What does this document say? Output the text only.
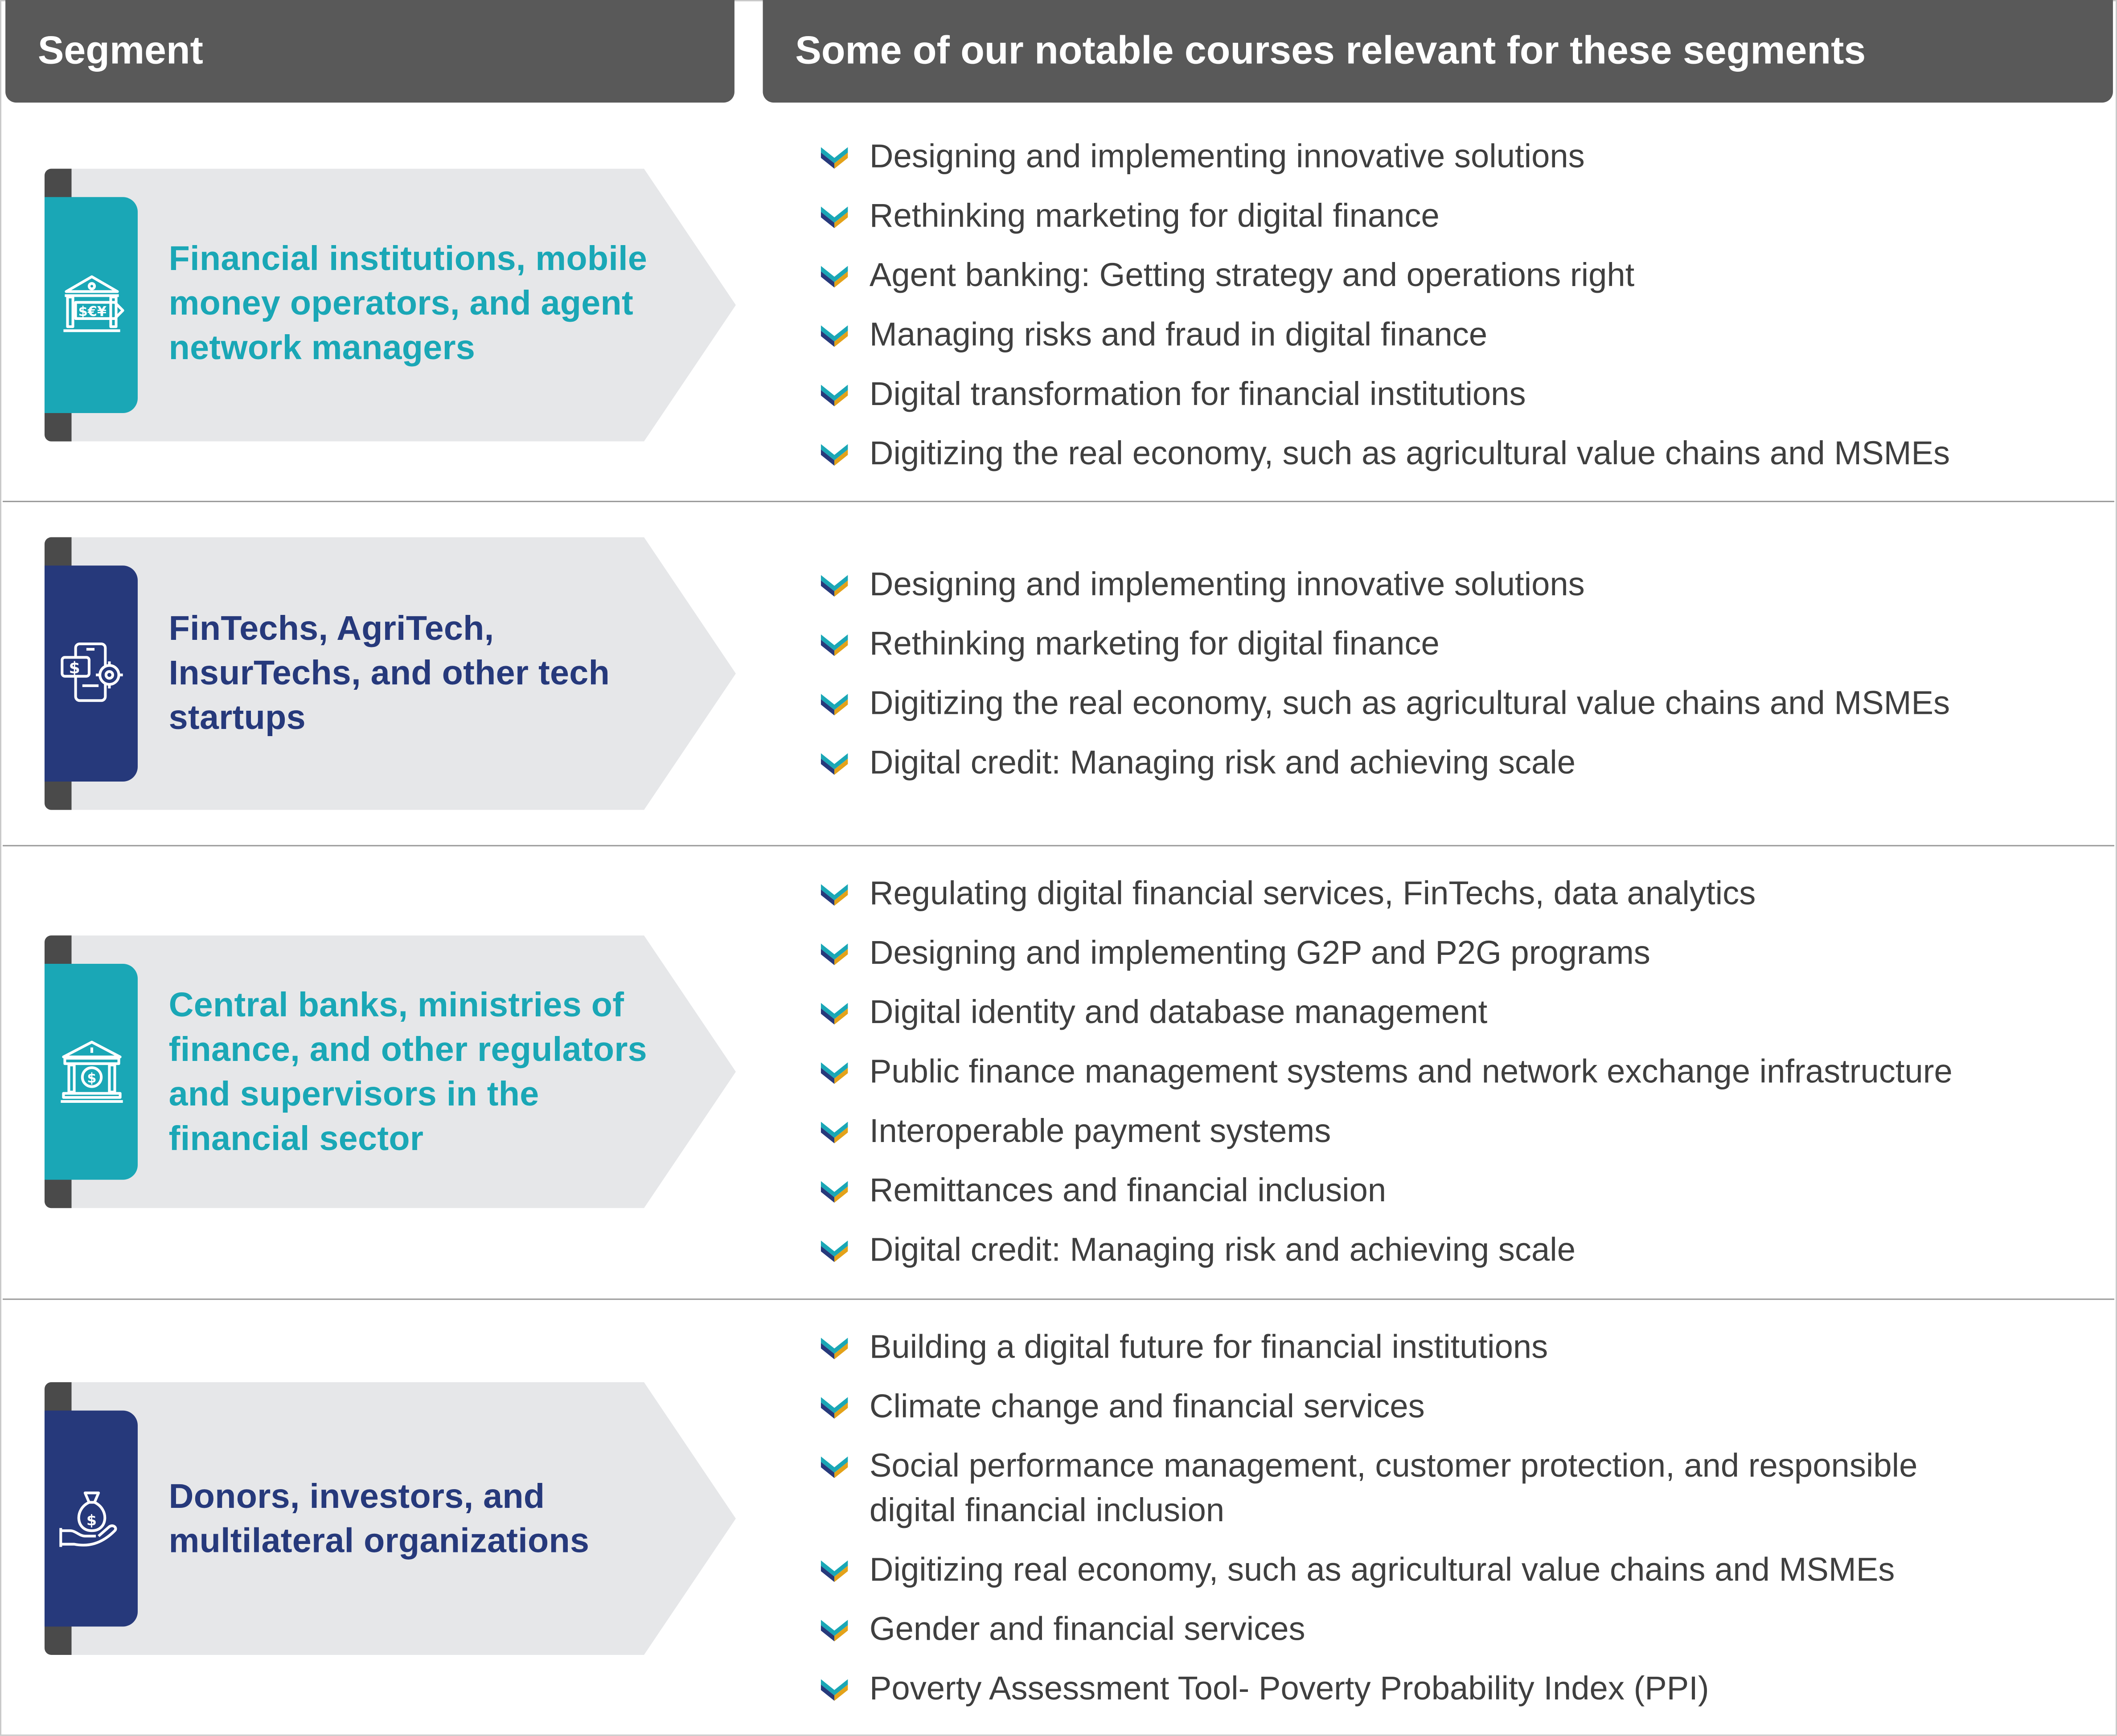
Segment	Some of our notable courses relevant for these segments
$€¥
Financial institutions, mobile money operators, and agent network managers
Designing and implementing innovative solutions
Rethinking marketing for digital finance
Agent banking: Getting strategy and operations right
Managing risks and fraud in digital finance
Digital transformation for financial institutions
Digitizing the real economy, such as agricultural value chains and MSMEs
$
FinTechs, AgriTech, InsurTechs, and other tech startups
Designing and implementing innovative solutions
Rethinking marketing for digital finance
Digitizing the real economy, such as agricultural value chains and MSMEs
Digital credit: Managing risk and achieving scale
$
Central banks, ministries of finance, and other regulators and supervisors in the financial sector
Regulating digital financial services, FinTechs, data analytics
Designing and implementing G2P and P2G programs
Digital identity and database management
Public finance management systems and network exchange infrastructure
Interoperable payment systems
Remittances and financial inclusion
Digital credit: Managing risk and achieving scale
$
Donors, investors, and multilateral organizations
Building a digital future for financial institutions
Climate change and financial services
Social performance management, customer protection, and responsible digital financial inclusion
Digitizing real economy, such as agricultural value chains and MSMEs
Gender and financial services
Poverty Assessment Tool- Poverty Probability Index (PPI)
